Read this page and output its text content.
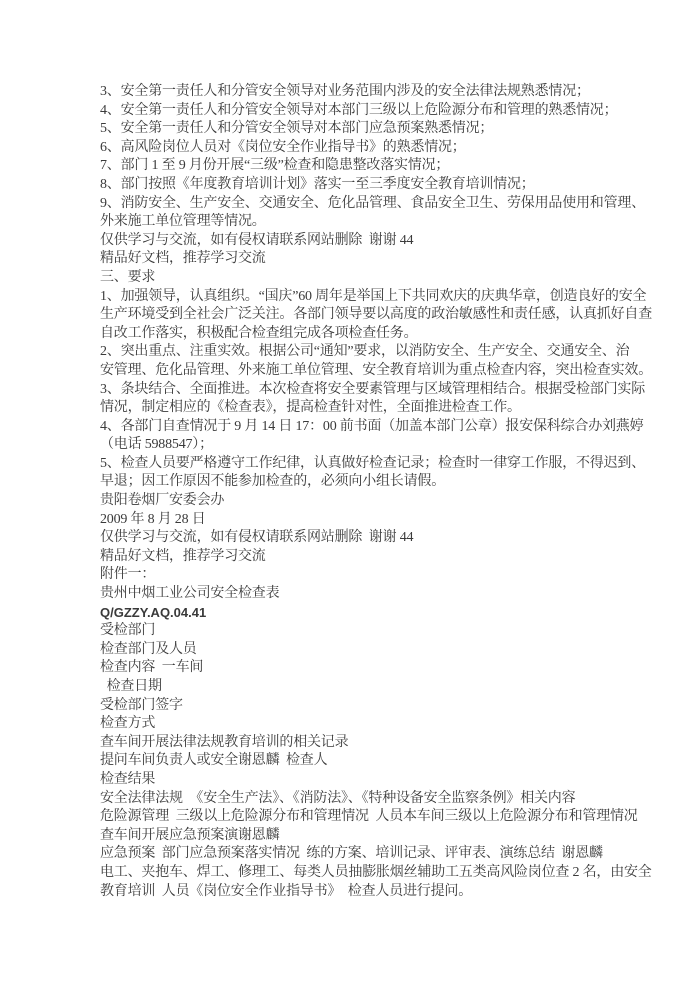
3、安全第一责任人和分管安全领导对业务范围内涉及的安全法律法规熟悉情况；
4、安全第一责任人和分管安全领导对本部门三级以上危险源分布和管理的熟悉情况；
5、安全第一责任人和分管安全领导对本部门应急预案熟悉情况；
6、高风险岗位人员对《岗位安全作业指导书》的熟悉情况；
7、部门 1 至 9 月份开展“三级”检查和隐患整改落实情况；
8、部门按照《年度教育培训计划》落实一至三季度安全教育培训情况；
9、消防安全、生产安全、交通安全、危化品管理、食品安全卫生、劳保用品使用和管理、
外来施工单位管理等情况。
仅供学习与交流，如有侵权请联系网站删除  谢谢 44
精品好文档，推荐学习交流
三、要求
1、加强领导，认真组织。“国庆”60 周年是举国上下共同欢庆的庆典华章，创造良好的安全
生产环境受到全社会广泛关注。各部门领导要以高度的政治敏感性和责任感，认真抓好自查
自改工作落实，积极配合检查组完成各项检查任务。
2、突出重点、注重实效。根据公司“通知”要求，以消防安全、生产安全、交通安全、治
安管理、危化品管理、外来施工单位管理、安全教育培训为重点检查内容，突出检查实效。
3、条块结合、全面推进。本次检查将安全要素管理与区域管理相结合。根据受检部门实际
情况，制定相应的《检查表》，提高检查针对性，全面推进检查工作。
4、各部门自查情况于 9 月 14 日 17：00 前书面（加盖本部门公章）报安保科综合办刘燕婷
（电话 5988547）；
5、检查人员要严格遵守工作纪律，认真做好检查记录；检查时一律穿工作服，不得迟到、
早退；因工作原因不能参加检查的，必须向小组长请假。
贵阳卷烟厂安委会办
2009 年 8 月 28 日
仅供学习与交流，如有侵权请联系网站删除  谢谢 44
精品好文档，推荐学习交流
附件一：
贵州中烟工业公司安全检查表
Q/GZZY.AQ.04.41
受检部门
检查部门及人员
检查内容  一车间
检查日期
受检部门签字
检查方式
查车间开展法律法规教育培训的相关记录
提问车间负责人或安全谢恩麟  检查人
检查结果
安全法律法规  《安全生产法》、《消防法》、《特种设备安全监察条例》相关内容
危险源管理  三级以上危险源分布和管理情况  人员本车间三级以上危险源分布和管理情况
查车间开展应急预案演谢恩麟
应急预案  部门应急预案落实情况  练的方案、培训记录、评审表、演练总结  谢恩麟
电工、夹抱车、焊工、修理工、每类人员抽膨胀烟丝辅助工五类高风险岗位查 2 名，由安全
教育培训  人员《岗位安全作业指导书》  检查人员进行提问。
